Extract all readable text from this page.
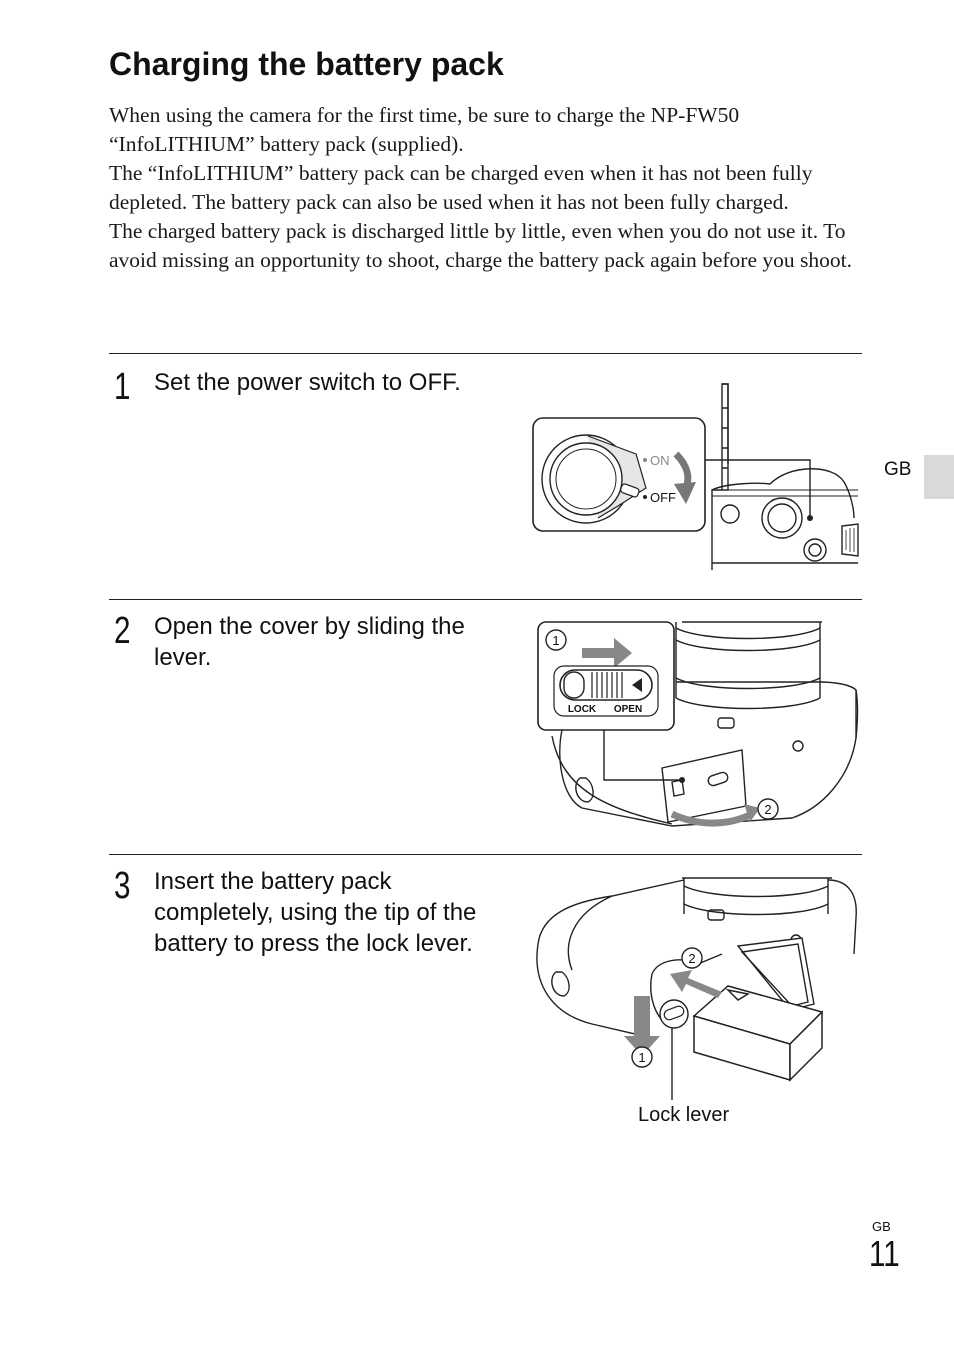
Charging the battery pack

When using the camera for the first time, be sure to charge the NP-FW50 “InfoLITHIUM” battery pack (supplied).

The “InfoLITHIUM” battery pack can be charged even when it has not been fully depleted. The battery pack can also be used when it has not been fully charged.

The charged battery pack is discharged little by little, even when you do not use it. To avoid missing an opportunity to shoot, charge the battery pack again before you shoot.

1 Set the power switch to OFF.
ON
OFF
2 Open the cover by sliding the lever.
2
1
LOCK OPEN
3 Insert the battery pack completely, using the tip of the battery to press the lock lever.
2
1
Lock lever
GB
GB
11
